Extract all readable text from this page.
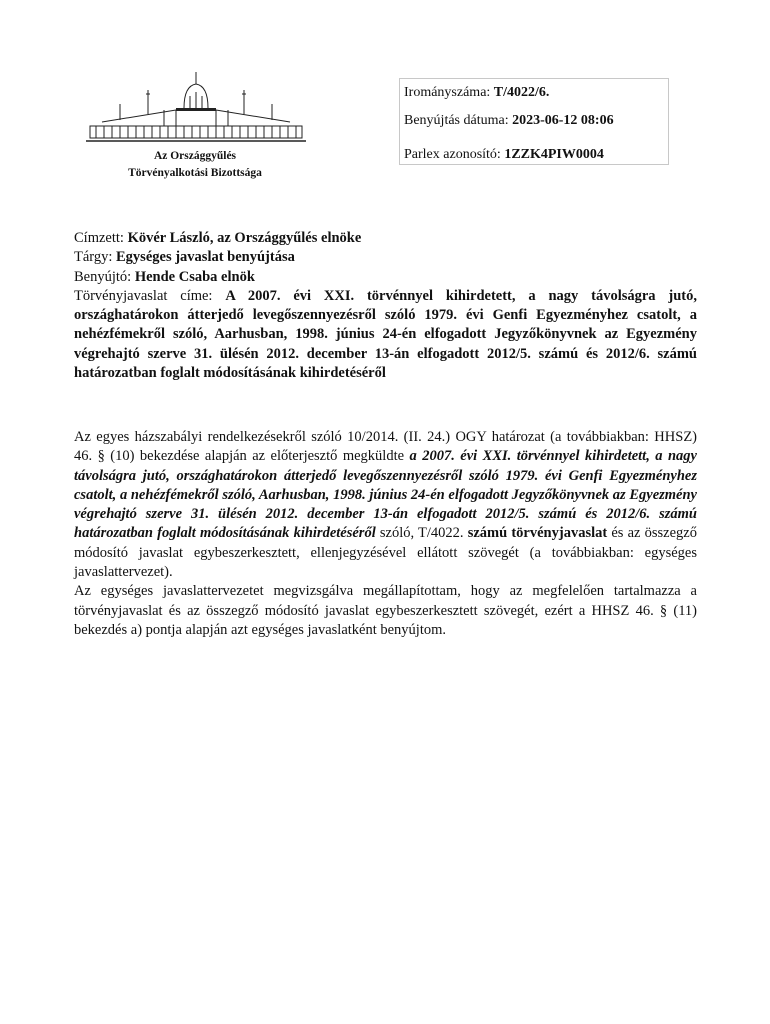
Az Országgyűlés
Törvényalkotási Bizottsága
Irományszáma: T/4022/6.
Benyújtás dátuma: 2023-06-12 08:06
Parlex azonosító: 1ZZK4PIW0004
Címzett: Kövér László, az Országgyűlés elnöke
Tárgy: Egységes javaslat benyújtása
Benyújtó: Hende Csaba elnök
Törvényjavaslat címe: A 2007. évi XXI. törvénnyel kihirdetett, a nagy távolságra jutó, országhatárokon átterjedő levegőszennyezésről szóló 1979. évi Genfi Egyezményhez csatolt, a nehézfémekről szóló, Aarhusban, 1998. június 24-én elfogadott Jegyzőkönyvnek az Egyezmény végrehajtó szerve 31. ülésén 2012. december 13-án elfogadott 2012/5. számú és 2012/6. számú határozatban foglalt módosításának kihirdetéséről

Az egyes házszabályi rendelkezésekről szóló 10/2014. (II. 24.) OGY határozat (a továbbiakban: HHSZ) 46. § (10) bekezdése alapján az előterjesztő megküldte a 2007. évi XXI. törvénnyel kihirdetett, a nagy távolságra jutó, országhatárokon átterjedő levegőszennyezésről szóló 1979. évi Genfi Egyezményhez csatolt, a nehézfémekről szóló, Aarhusban, 1998. június 24-én elfogadott Jegyzőkönyvnek az Egyezmény végrehajtó szerve 31. ülésén 2012. december 13-án elfogadott 2012/5. számú és 2012/6. számú határozatban foglalt módosításának kihirdetéséről szóló, T/4022. számú törvényjavaslat és az összegző módosító javaslat egybeszerkesztett, ellenjegyzésével ellátott szövegét (a továbbiakban: egységes javaslattervezet).

Az egységes javaslattervezetet megvizsgálva megállapítottam, hogy az megfelelően tartalmazza a törvényjavaslat és az összegző módosító javaslat egybeszerkesztett szövegét, ezért a HHSZ 46. § (11) bekezdés a) pontja alapján azt egységes javaslatként benyújtom.
